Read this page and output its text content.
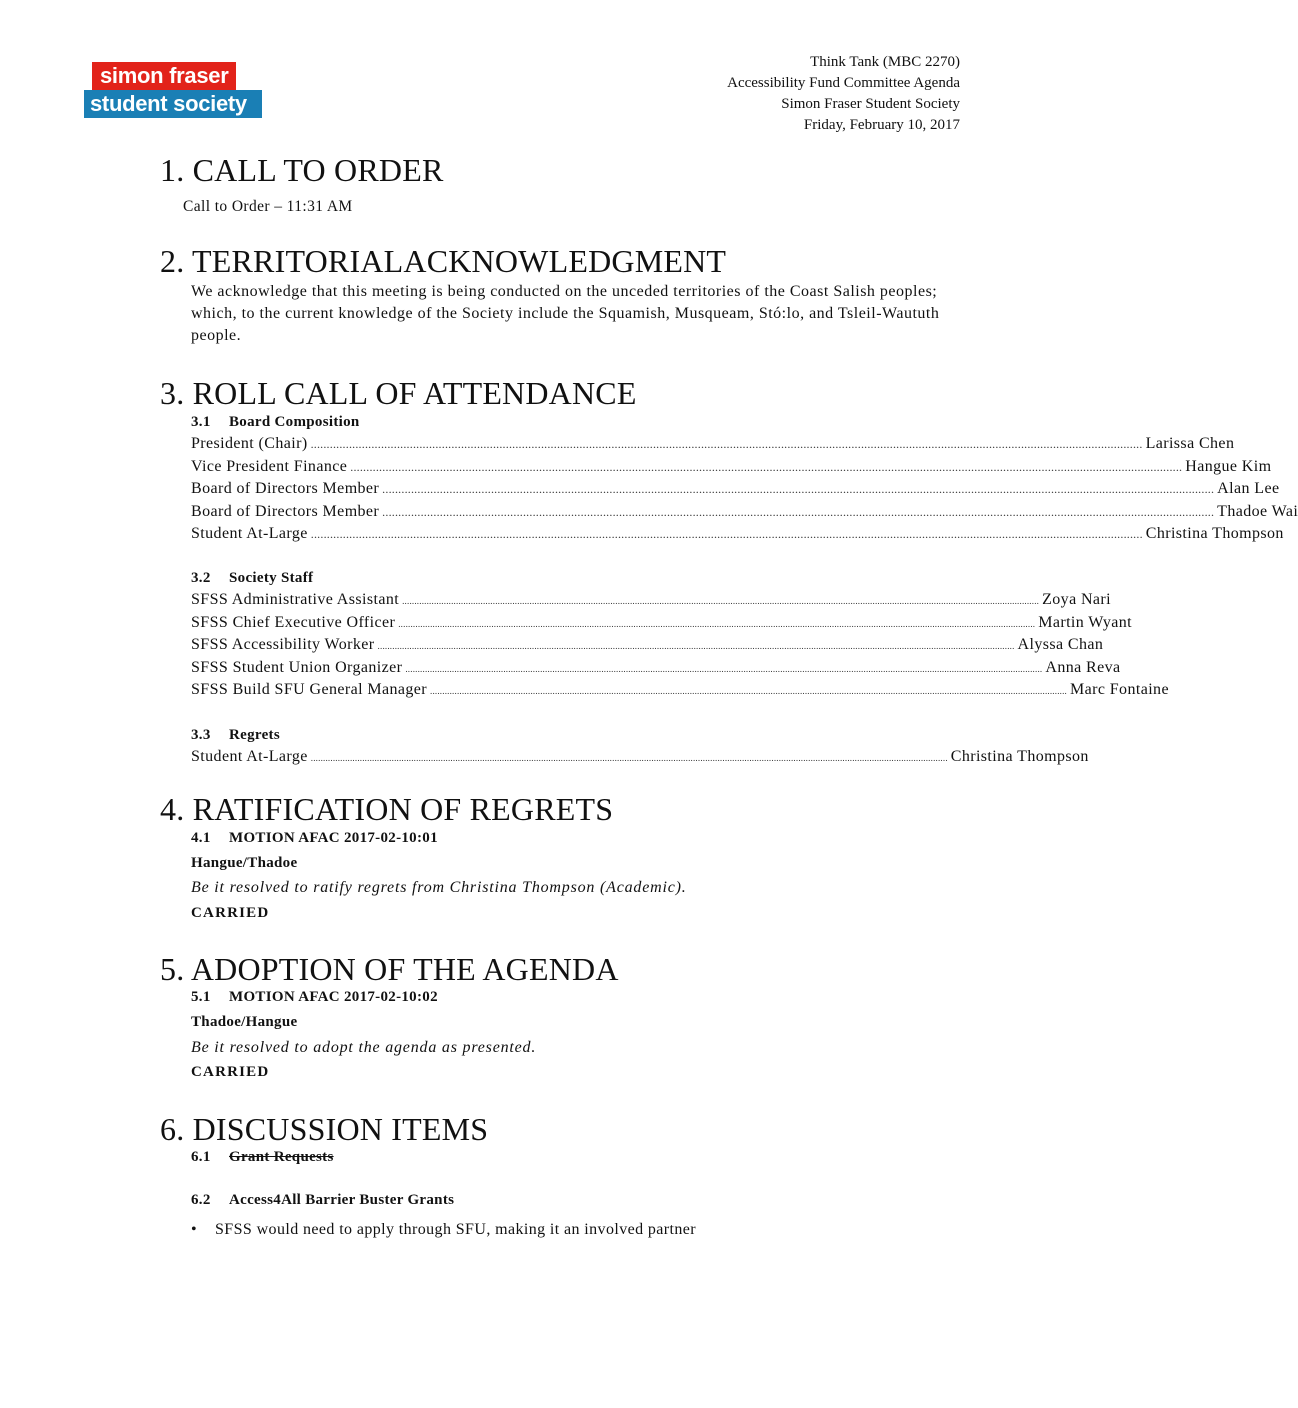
simon fraser
student society
Think Tank (MBC 2270)
Accessibility Fund Committee Agenda
Simon Fraser Student Society
Friday, February 10, 2017
1. CALL TO ORDER
Call to Order – 11:31 AM
2. TERRITORIALACKNOWLEDGMENT
We acknowledge that this meeting is being conducted on the unceded territories of the Coast Salish peoples; which, to the current knowledge of the Society include the Squamish, Musqueam, Stó:lo, and Tsleil-Waututh people.
3. ROLL CALL OF ATTENDANCE
3.1 Board Composition
President (Chair) .................................................................................................................................................................................................................................................................... Larissa Chen
Vice President Finance .................................................................................................................................................................................................................................................................... Hangue Kim
Board of Directors Member .................................................................................................................................................................................................................................................................... Alan Lee
Board of Directors Member .................................................................................................................................................................................................................................................................... Thadoe Wai
Student At-Large .................................................................................................................................................................................................................................................................... Christina Thompson
3.2 Society Staff
SFSS Administrative Assistant .................................................................................................................................................................................................................................................................... Zoya Nari
SFSS Chief Executive Officer .................................................................................................................................................................................................................................................................... Martin Wyant
SFSS Accessibility Worker .................................................................................................................................................................................................................................................................... Alyssa Chan
SFSS Student Union Organizer .................................................................................................................................................................................................................................................................... Anna Reva
SFSS Build SFU General Manager .................................................................................................................................................................................................................................................................... Marc Fontaine
3.3 Regrets
Student At-Large .................................................................................................................................................................................................................................................................... Christina Thompson
4. RATIFICATION OF REGRETS
4.1 MOTION AFAC 2017-02-10:01
Hangue/Thadoe
Be it resolved to ratify regrets from Christina Thompson (Academic).
CARRIED
5. ADOPTION OF THE AGENDA
5.1 MOTION AFAC 2017-02-10:02
Thadoe/Hangue
Be it resolved to adopt the agenda as presented.
CARRIED
6. DISCUSSION ITEMS
6.1 Grant Requests
6.2 Access4All Barrier Buster Grants
• SFSS would need to apply through SFU, making it an involved partner
